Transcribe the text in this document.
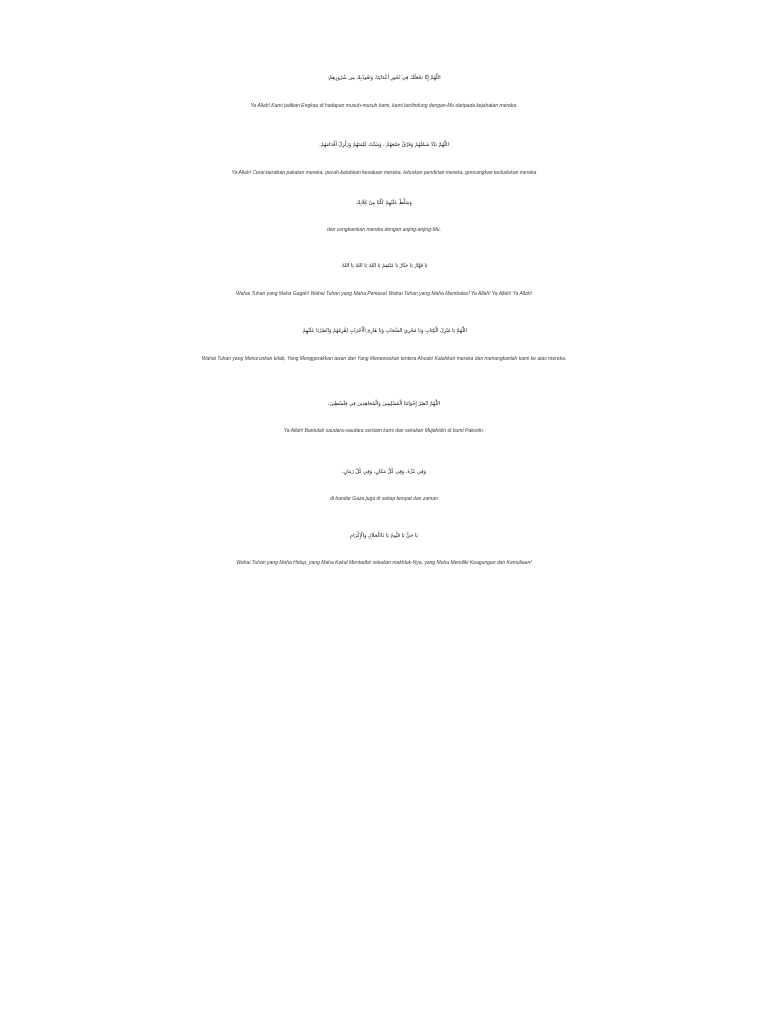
اللَّهُمَّ إِنَّا نَجْعَلُكَ فِي نُحُورِ أَعْدَائِنَا، وَنَعُوذُبِكَ مِن شُرُورِهِمْ،
Ya Allah! Kami jadikan Engkau di hadapan musuh-musuh kami, kami berlindung dengan-Mu daripada kejahatan mereka.
اللَّهُمَّ بَدِّدْ شَمْلَهُمْ وَفَرِّقْ جَمْعَهُمْ ، وَشَتِّتْ كَلِمَتَهُمْ وَزَلْزِلْ أَقْدَامَهُمْ،
Ya Allah! Cerai-beraikan pakatan mereka, pecah-belahkan kesatuan mereka, leburkan pendirian mereka, goncangkan kedudukan mereka
وَسَلِّطْ عَلَيْهِمْ كَلْبًا مِنْ كِلَابِكَ
dan cengkamkan mereka dengan anjing-anjing-Mu.
يَا قَهَّارُ يَا جَبَّارُ يَا مُنْتَقِمُ يَا اللهُ يَا اللهُ يَا اللهُ.
Wahai Tuhan yang Maha Gagah! Wahai Tuhan yang Maha Perkasa! Wahai Tuhan yang Maha Membalas! Ya Allah! Ya Allah! Ya Allah!
اللَّهُمَّ يَا مُنْزِلَ الْكِتَابِ وَيَا مُجْرِيَ السَّحَابِ وَيَا هَازِمَ الْأَحْزَابِ اِهْزِمْهُمْ وَانْصُرْنَا عَلَيْهِمْ.
Wahai Tuhan yang Menurunkan kitab, Yang Menggerakkan awan dan Yang Menewaskan tentera Ahzab! Kalahkan mereka dan menangkanlah kami ke atas mereka.
اللَّهُمَّ انْصُرْ إِخْوَانَنَا الْمُسْلِمِينَ وَالْمُجَاهِدِينَ فِي فِلَسْطِينَ،
Ya Allah! Bantulah saudara-saudara seislam kami dan sekalian Mujahidin di bumi Palestin.
وَفِي غَزَّةَ، وَفِي كُلِّ مَكَانٍ، وَفِي كُلِّ زَمَانٍ،
di bandar Gaza juga di setiap tempat dan zaman
يَا حَيُّ يَا قَيُّومُ يَا ذَاالْجَلَالِ وَالْإِكْرَامِ
Wahai Tuhan yang Maha Hidup, yang Maha Kekal Mentadbir sekalian makhluk-Nya, yang Maha Memiliki Keagungan dan Kemuliaan!
